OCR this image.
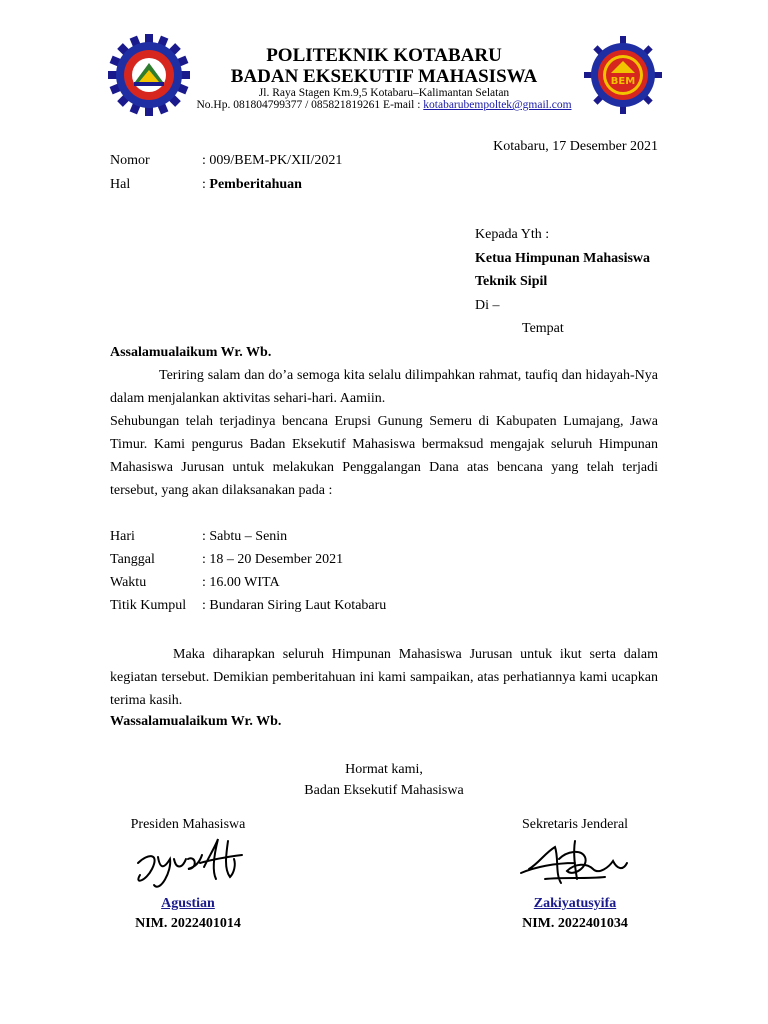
BEM
POLITEKNIK KOTABARU
BADAN EKSEKUTIF MAHASISWA
Jl. Raya Stagen Km.9,5 Kotabaru–Kalimantan Selatan
No.Hp. 081804799377 / 085821819261 E-mail : kotabarubempoltek@gmail.com
Kotabaru, 17 Desember 2021
Nomor	: 009/BEM-PK/XII/2021
Hal	: Pemberitahuan
Kepada Yth :
Ketua Himpunan Mahasiswa
Teknik Sipil
Di –
Tempat
Assalamualaikum Wr. Wb.
Teriring salam dan do’a semoga kita selalu dilimpahkan rahmat, taufiq dan hidayah-Nya dalam menjalankan aktivitas sehari-hari. Aamiin.
Sehubungan telah terjadinya bencana Erupsi Gunung Semeru di Kabupaten Lumajang, Jawa Timur. Kami pengurus Badan Eksekutif Mahasiswa bermaksud mengajak seluruh Himpunan Mahasiswa Jurusan untuk melakukan Penggalangan Dana atas bencana yang telah terjadi tersebut, yang akan dilaksanakan pada :
Hari	: Sabtu – Senin
Tanggal	: 18 – 20 Desember 2021
Waktu	: 16.00 WITA
Titik Kumpul : Bundaran Siring Laut Kotabaru
Maka diharapkan seluruh Himpunan Mahasiswa Jurusan untuk ikut serta dalam kegiatan tersebut. Demikian pemberitahuan ini kami sampaikan, atas perhatiannya kami ucapkan terima kasih.
Wassalamualaikum Wr. Wb.
Hormat kami,
Badan Eksekutif Mahasiswa
Presiden Mahasiswa
Agustian
NIM. 2022401014
Sekretaris Jenderal
Zakiyatusyifa
NIM. 2022401034
